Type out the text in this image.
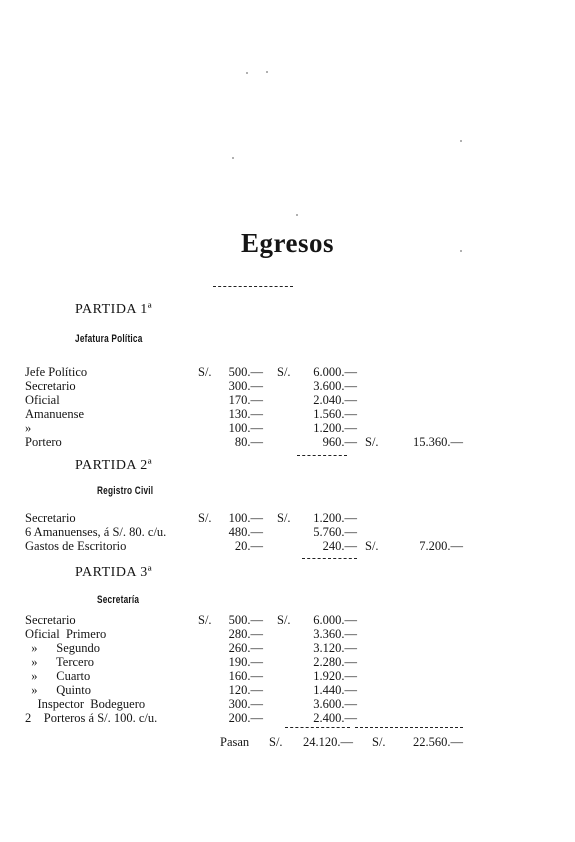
Egresos
PARTIDA 1ª
Jefatura Política
Jefe Político	S/. 500.— S/. 6.000.—
Secretario	300.—	3.600.—
Oficial	170.—	2.040.—
Amanuense	130.—	1.560.—
»	100.—	1.200.—
Portero	80.—	960.— S/.	15.360.—
PARTIDA 2ª
Registro Civil
Secretario	S/. 100.— S/. 1.200.—
6 Amanuenses, á S/. 80. c/u.	480.—	5.760.—
Gastos de Escritorio	20.—	240.— S/.	7.200.—
PARTIDA 3ª
Secretaría
Secretario	S/. 500.— S/. 6.000.—
Oficial  Primero	280.—	3.360.—
»      Segundo	260.—	3.120.—
»      Tercero	190.—	2.280.—
»      Cuarto	160.—	1.920.—
»      Quinto	120.—	1.440.—
Inspector  Bodeguero	300.—	3.600.—
2    Porteros á S/. 100. c/u.	200.—	2.400.—
Pasan S/. 24.120.— S/. 22.560.—
